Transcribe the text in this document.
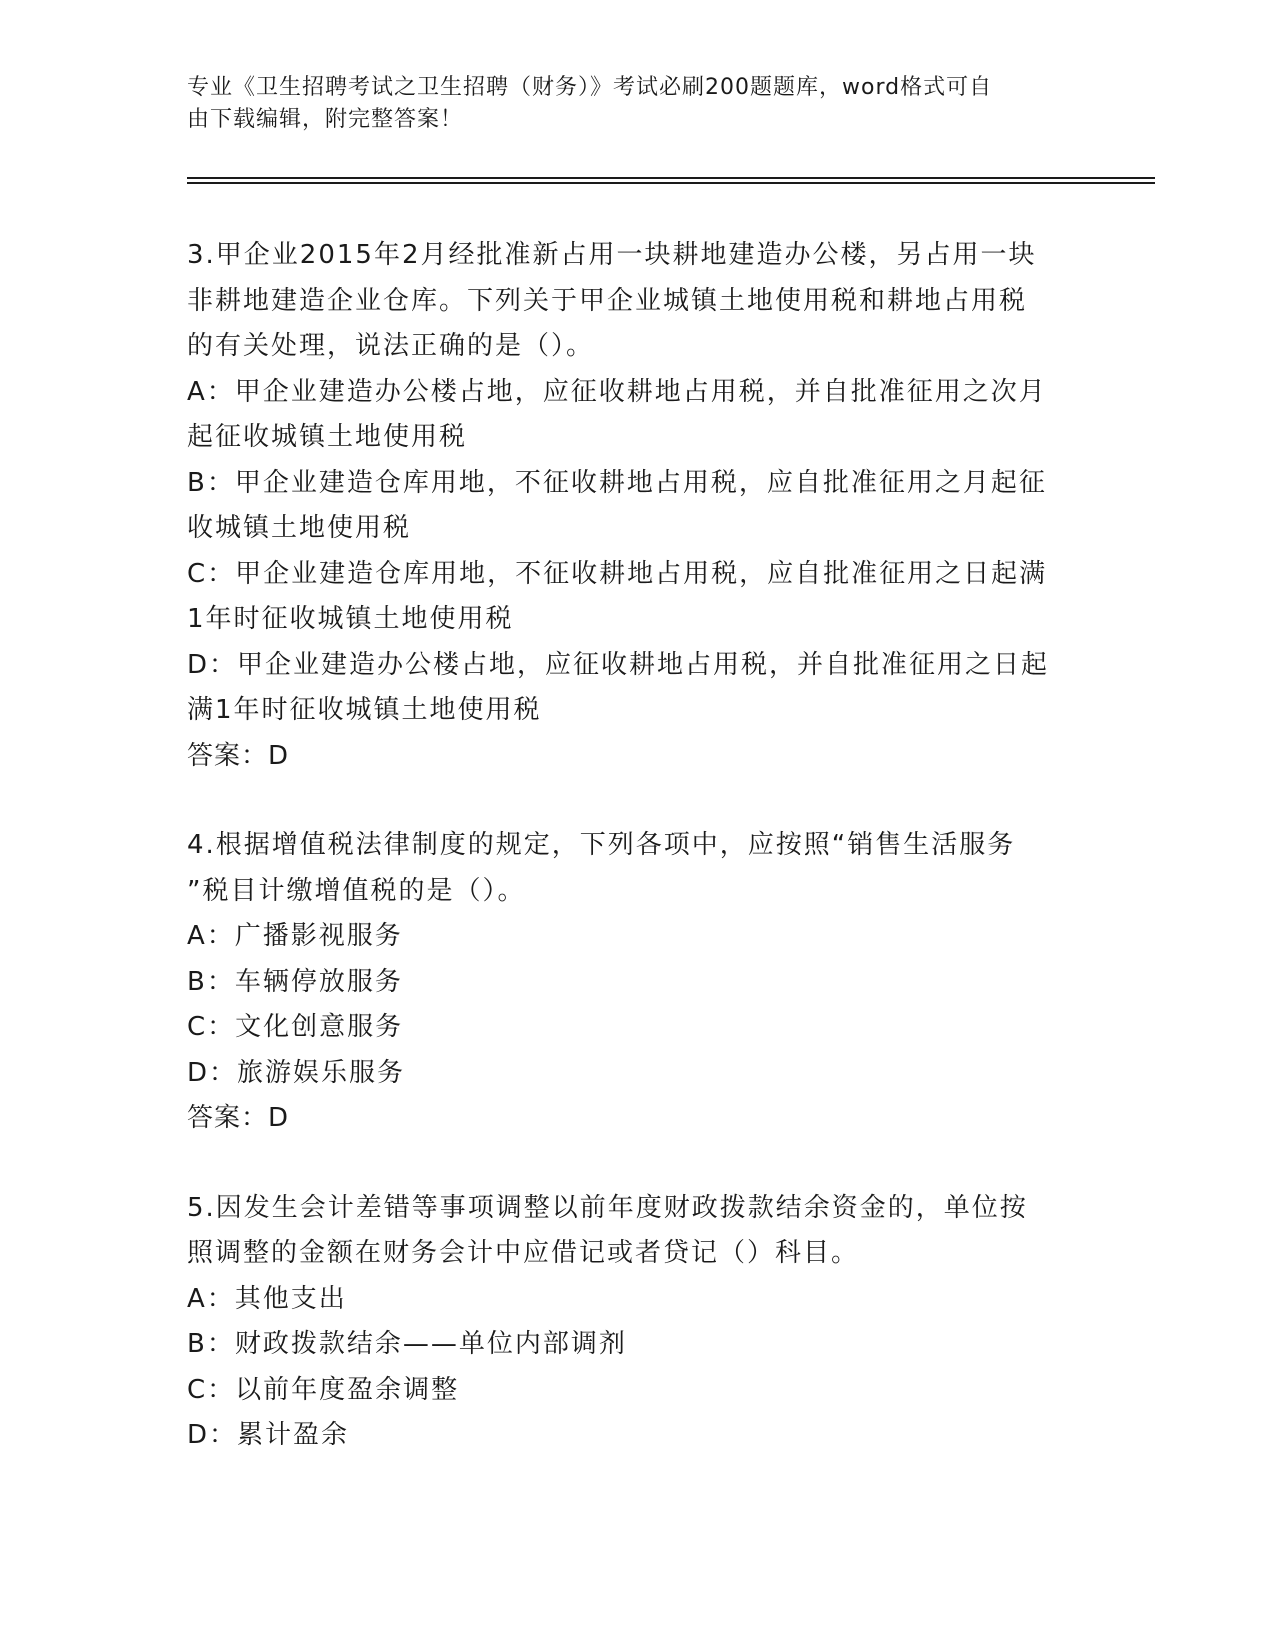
专业《卫生招聘考试之卫生招聘（财务）》考试必刷200题题库，word格式可自
由下载编辑，附完整答案！

3.甲企业2015年2月经批准新占用一块耕地建造办公楼，另占用一块

非耕地建造企业仓库。下列关于甲企业城镇土地使用税和耕地占用税

的有关处理，说法正确的是（）。

A：甲企业建造办公楼占地，应征收耕地占用税，并自批准征用之次月

起征收城镇土地使用税

B：甲企业建造仓库用地，不征收耕地占用税，应自批准征用之月起征

收城镇土地使用税

C：甲企业建造仓库用地，不征收耕地占用税，应自批准征用之日起满

1年时征收城镇土地使用税

D：甲企业建造办公楼占地，应征收耕地占用税，并自批准征用之日起

满1年时征收城镇土地使用税

答案：D

4.根据增值税法律制度的规定，下列各项中，应按照“销售生活服务

”税目计缴增值税的是（）。

A：广播影视服务

B：车辆停放服务

C：文化创意服务

D：旅游娱乐服务

答案：D

5.因发生会计差错等事项调整以前年度财政拨款结余资金的，单位按

照调整的金额在财务会计中应借记或者贷记（）科目。

A：其他支出

B：财政拨款结余——单位内部调剂

C：以前年度盈余调整

D：累计盈余
